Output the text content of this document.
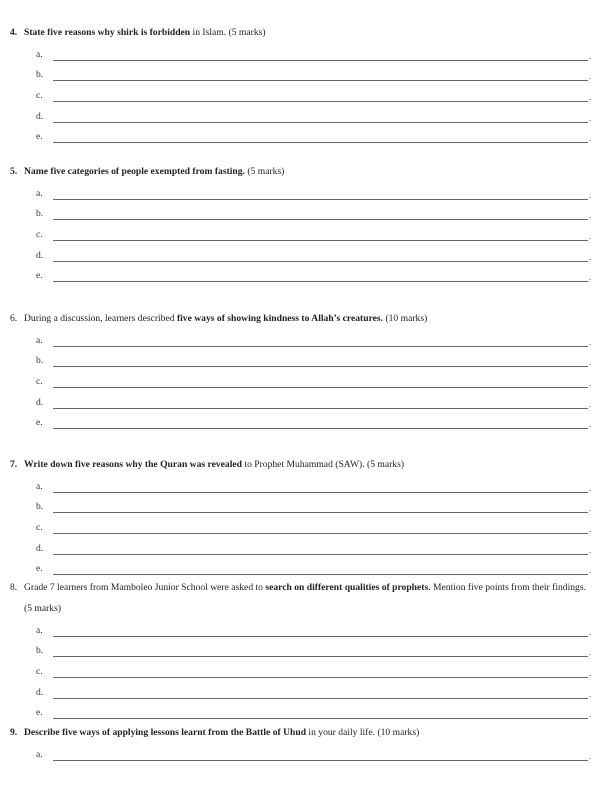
4. State five reasons why shirk is forbidden in Islam. (5 marks)
a.	.
b.	.
c.	.
d.	.
e.	.
5. Name five categories of people exempted from fasting. (5 marks)
a.	.
b.	.
c.	.
d.	.
e.	.
6. During a discussion, learners described five ways of showing kindness to Allah’s creatures. (10 marks)
a.	.
b.	.
c.	.
d.	.
e.	.
7. Write down five reasons why the Quran was revealed to Prophet Muhammad (SAW). (5 marks)
a.	.
b.	.
c.	.
d.	.
e.	.
8. Grade 7 learners from Mamboleo Junior School were asked to search on different qualities of prophets. Mention five points from their findings. (5 marks)
a.	.
b.	.
c.	.
d.	.
e.	.
9. Describe five ways of applying lessons learnt from the Battle of Uhud in your daily life. (10 marks)
a.	.
